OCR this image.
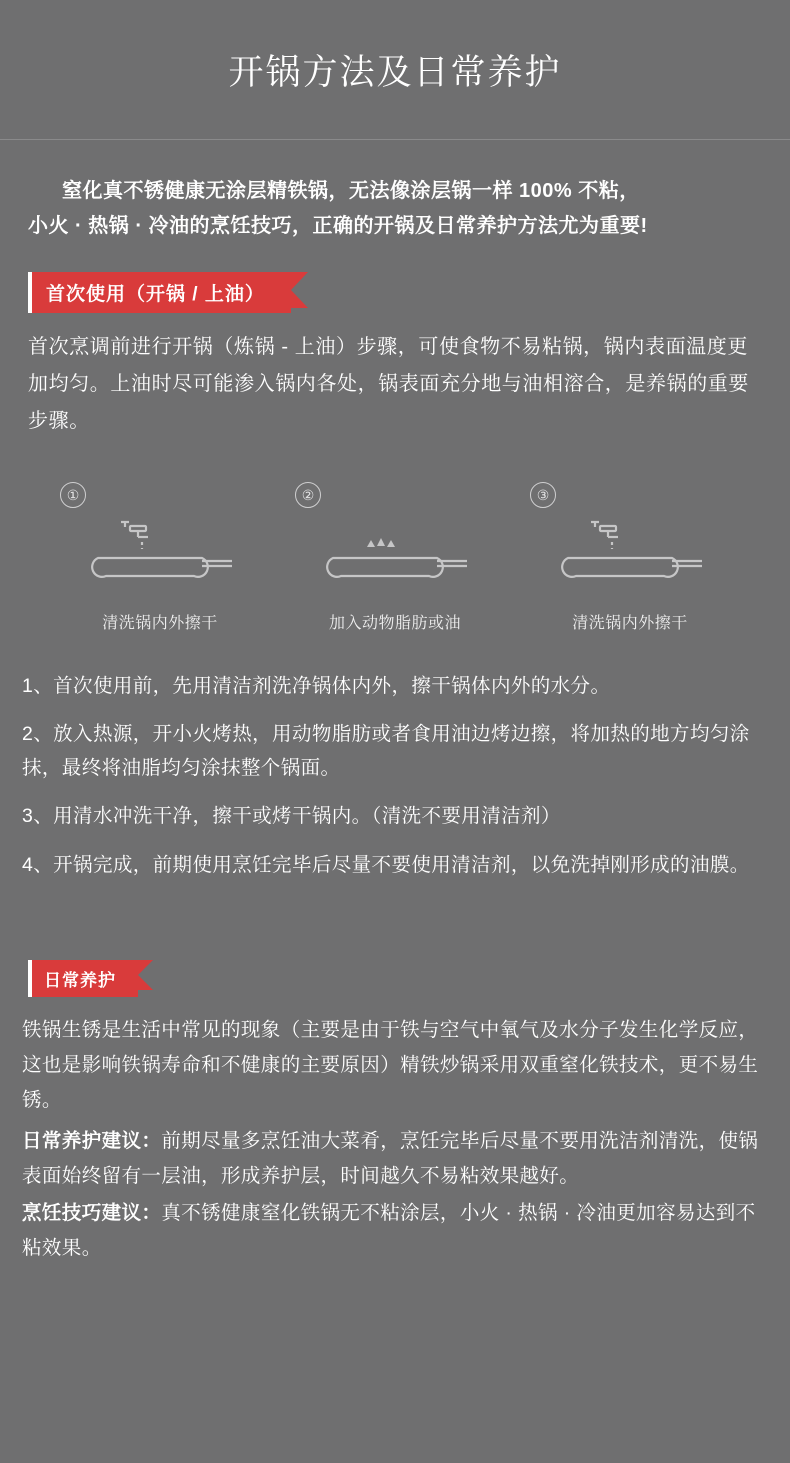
开锅方法及日常养护
窒化真不锈健康无涂层精铁锅，无法像涂层锅一样 100% 不粘，
小火 · 热锅 · 冷油的烹饪技巧，正确的开锅及日常养护方法尤为重要!
首次使用（开锅 / 上油）
首次烹调前进行开锅（炼锅 - 上油）步骤，可使食物不易粘锅，锅内表面温度更加均匀。上油时尽可能渗入锅内各处，锅表面充分地与油相溶合，是养锅的重要步骤。
①
清洗锅内外擦干
②
加入动物脂肪或油
③
清洗锅内外擦干
1、首次使用前，先用清洁剂洗净锅体内外，擦干锅体内外的水分。
2、放入热源，开小火烤热，用动物脂肪或者食用油边烤边擦，将加热的地方均匀涂抹，最终将油脂均匀涂抹整个锅面。
3、用清水冲洗干净，擦干或烤干锅内。（清洗不要用清洁剂）
4、开锅完成，前期使用烹饪完毕后尽量不要使用清洁剂，以免洗掉刚形成的油膜。
日常养护
铁锅生锈是生活中常见的现象（主要是由于铁与空气中氧气及水分子发生化学反应，这也是影响铁锅寿命和不健康的主要原因）精铁炒锅采用双重窒化铁技术，更不易生锈。
日常养护建议：前期尽量多烹饪油大菜肴，烹饪完毕后尽量不要用洗洁剂清洗，使锅表面始终留有一层油，形成养护层，时间越久不易粘效果越好。
烹饪技巧建议：真不锈健康窒化铁锅无不粘涂层，小火 · 热锅 · 冷油更加容易达到不粘效果。
